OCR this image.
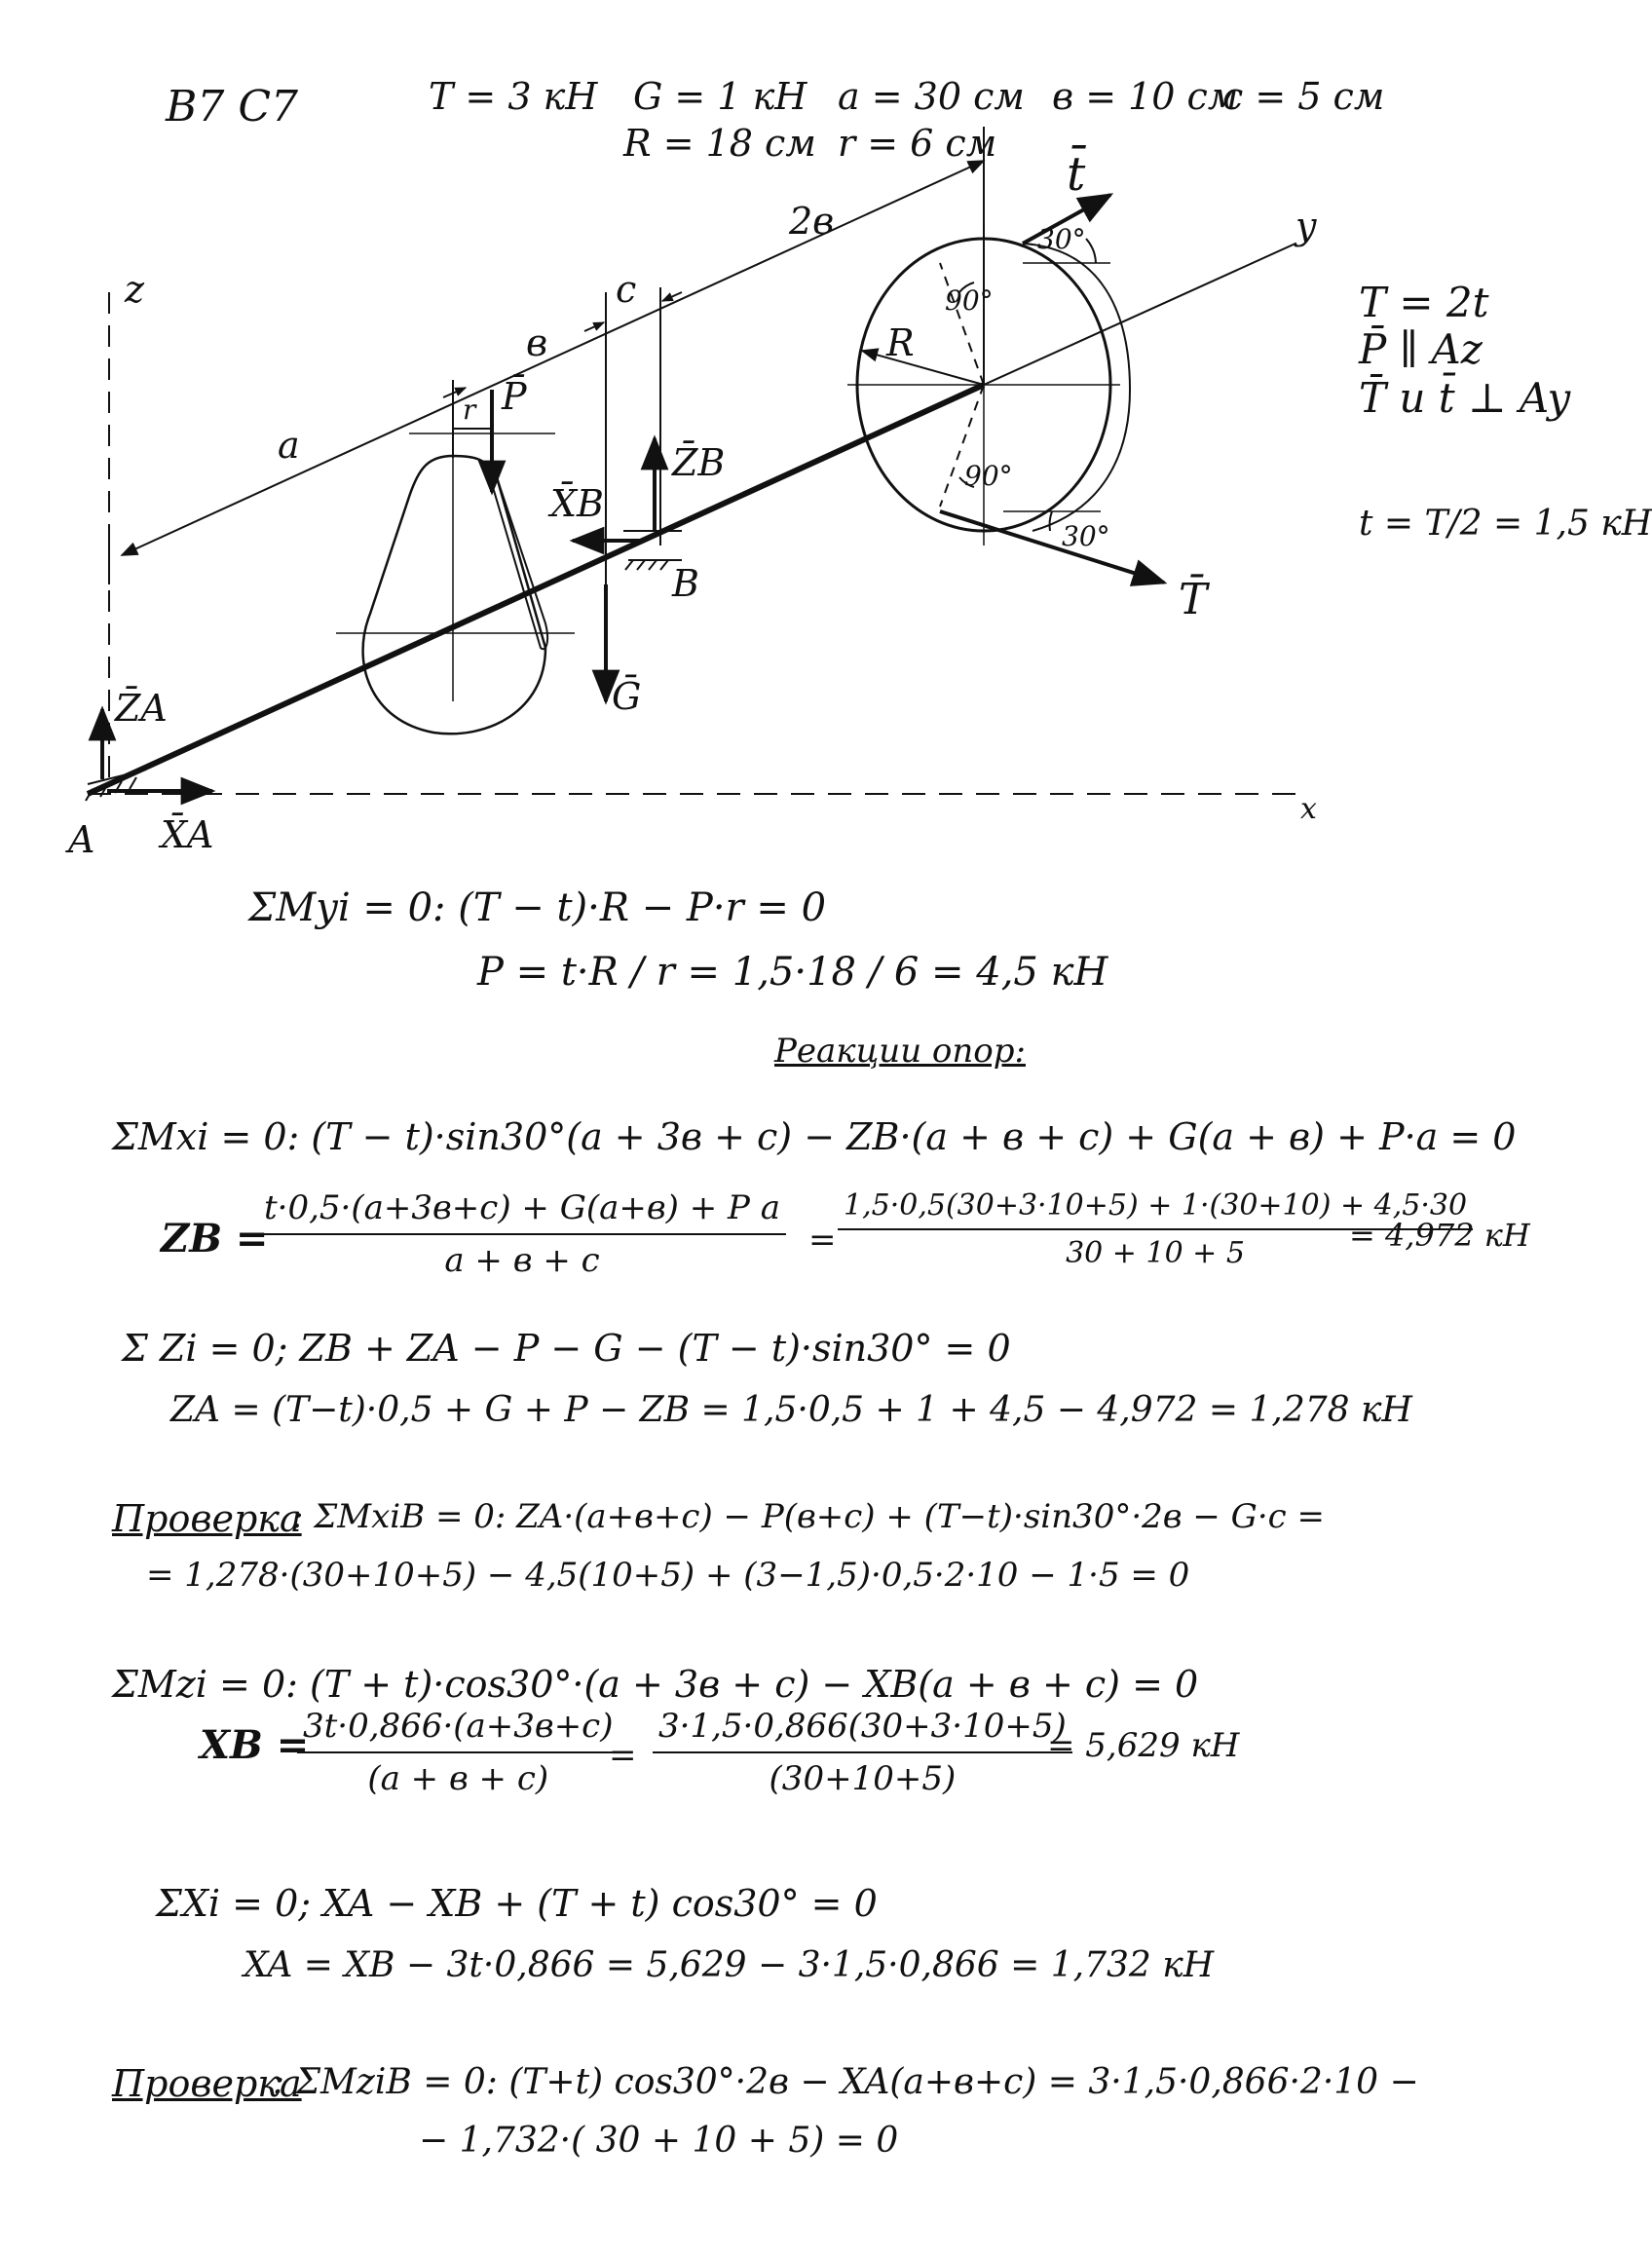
В7 С7	T = 3 кН G = 1 кН a = 30 см в = 10 см
c = 5 см
R = 18 см r = 6 см
T = 2t
P̄ ∥ Az
T̄ и t̄ ⊥ Ay
t = T/2 = 1,5 кН
z
y
x
A
B
X̄A
Z̄A
X̄B
Z̄B
P̄
Ḡ
t̄
T̄
R
r
a
в
c
2в	30°
90°
90°
30°
ΣMyi = 0: (T − t)·R − P·r = 0
P = t·R / r = 1,5·18 / 6 = 4,5 кН
Реакции опор:
ΣMxi = 0: (T − t)·sin30°(a + 3в + c) − ZB·(a + в + c) + G(a + в) + P·a = 0
ZB =
t·0,5·(a+3в+c) + G(a+в) + P a
a + в + c
= $\frac{1,5\cdot 0,5(30+3\cdot 10+5) + 1\cdot(30+10) + 4,5\cdot 30}{30 + 10 + 5}$
= 4,972 кН
Σ Zi = 0; ZB + ZA − P − G − (T − t)·sin30° = 0
ZA = (T−t)·0,5 + G + P − ZB = 1,5·0,5 + 1 + 4,5 − 4,972 = 1,278 кН
Проверка
: ΣMxiB = 0: ZA·(a+в+c) − P(в+c) + (T−t)·sin30°·2в − G·c =
= 1,278·(30+10+5) − 4,5(10+5) + (3−1,5)·0,5·2·10 − 1·5 = 0
ΣMzi = 0: (T + t)·cos30°·(a + 3в + c) − XB(a + в + c) = 0
XB =
3t·0,866·(a+3в+c)
(a + в + c)
= $\frac{3\cdot 1,5\cdot 0,866(30+3\cdot 10+5)}{(30+10+5)}$
= 5,629 кН
ΣXi = 0; XA − XB + (T + t) cos30° = 0
XA = XB − 3t·0,866 = 5,629 − 3·1,5·0,866 = 1,732 кН
Проверка
: ΣMziB = 0: (T+t) cos30°·2в − XA(a+в+c) = 3·1,5·0,866·2·10 −
− 1,732·( 30 + 10 + 5) = 0
